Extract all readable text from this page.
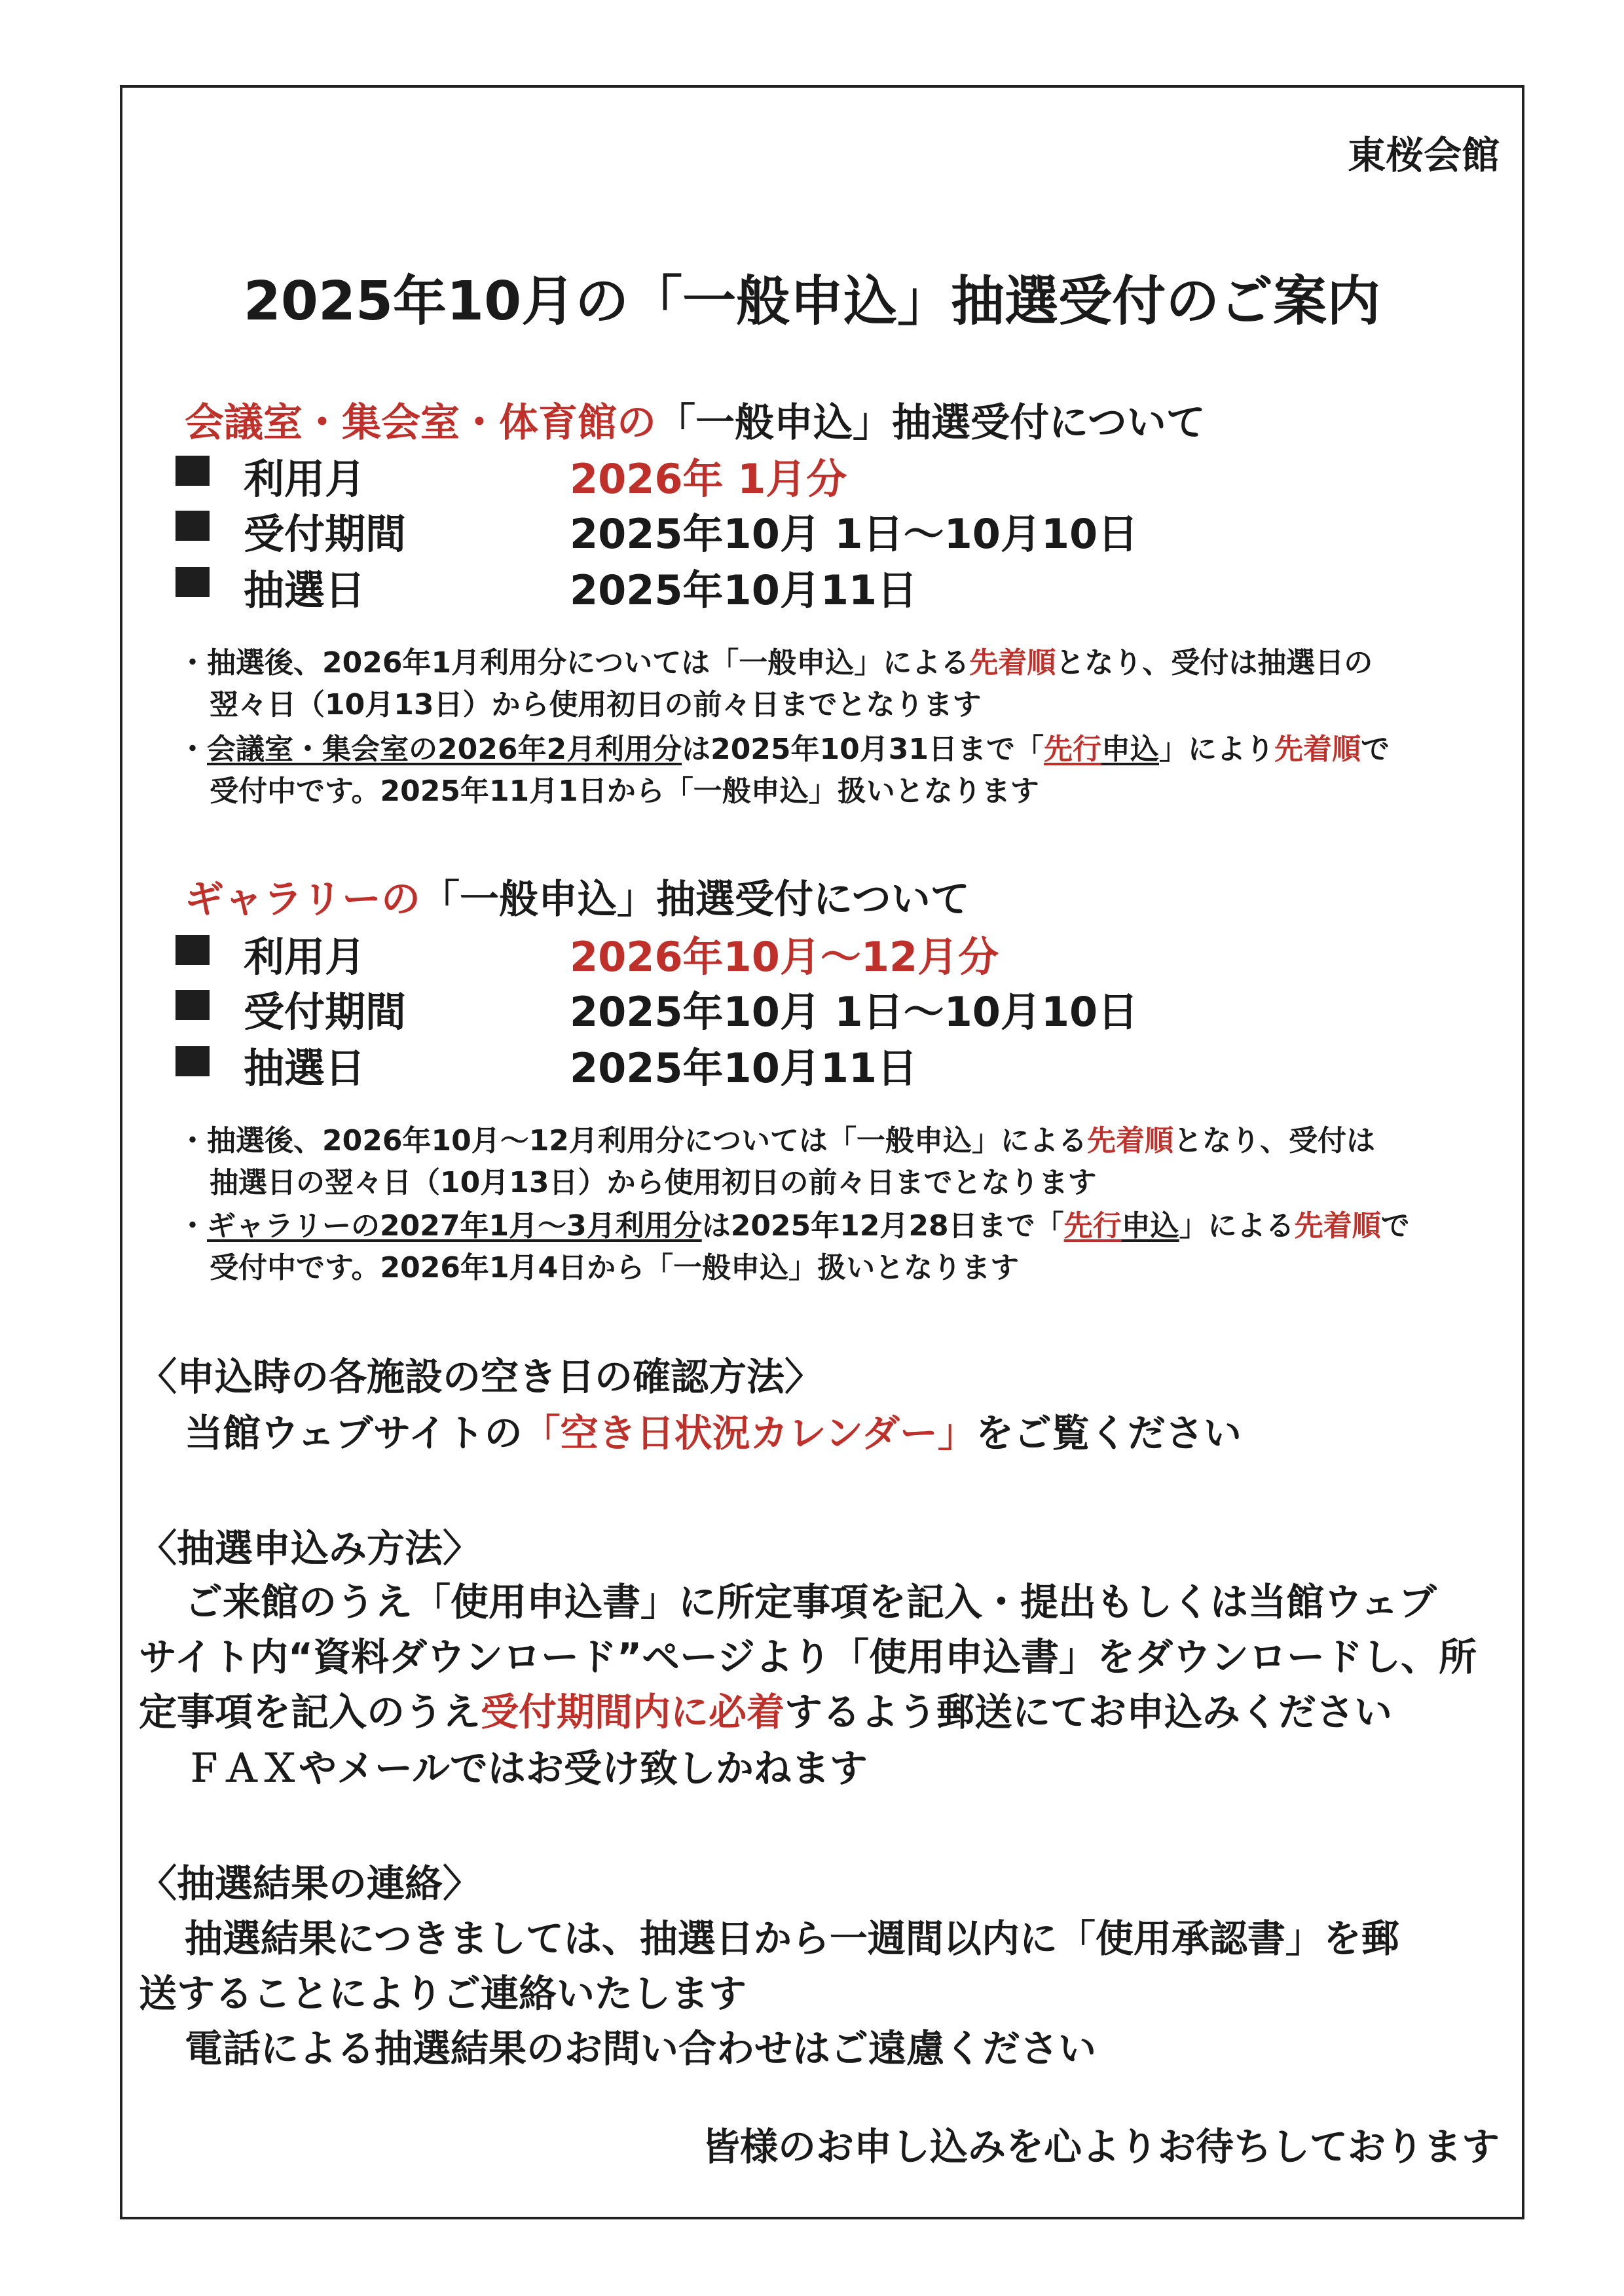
東桜会館
2025年10月の「一般申込」抽選受付のご案内
会議室・集会室・体育館の「一般申込」抽選受付について
利用月	2026年 1月分
受付期間	2025年10月 1日～10月10日
抽選日	2025年10月11日
・抽選後、2026年1月利用分については「一般申込」による先着順となり、受付は抽選日の
翌々日（10月13日）から使用初日の前々日までとなります
・会議室・集会室の2026年2月利用分は2025年10月31日まで「先行申込」により先着順で
受付中です。2025年11月1日から「一般申込」扱いとなります
ギャラリーの「一般申込」抽選受付について
利用月	2026年10月～12月分
受付期間	2025年10月 1日～10月10日
抽選日	2025年10月11日
・抽選後、2026年10月～12月利用分については「一般申込」による先着順となり、受付は
抽選日の翌々日（10月13日）から使用初日の前々日までとなります
・ギャラリーの2027年1月～3月利用分は2025年12月28日まで「先行申込」による先着順で
受付中です。2026年1月4日から「一般申込」扱いとなります
〈申込時の各施設の空き日の確認方法〉
当館ウェブサイトの「空き日状況カレンダー」をご覧ください
〈抽選申込み方法〉
ご来館のうえ「使用申込書」に所定事項を記入・提出もしくは当館ウェブ
サイト内“資料ダウンロード”ページより「使用申込書」をダウンロードし、所
定事項を記入のうえ受付期間内に必着するよう郵送にてお申込みください
ＦＡＸやメールではお受け致しかねます
〈抽選結果の連絡〉
抽選結果につきましては、抽選日から一週間以内に「使用承認書」を郵
送することによりご連絡いたします
電話による抽選結果のお問い合わせはご遠慮ください
皆様のお申し込みを心よりお待ちしております
